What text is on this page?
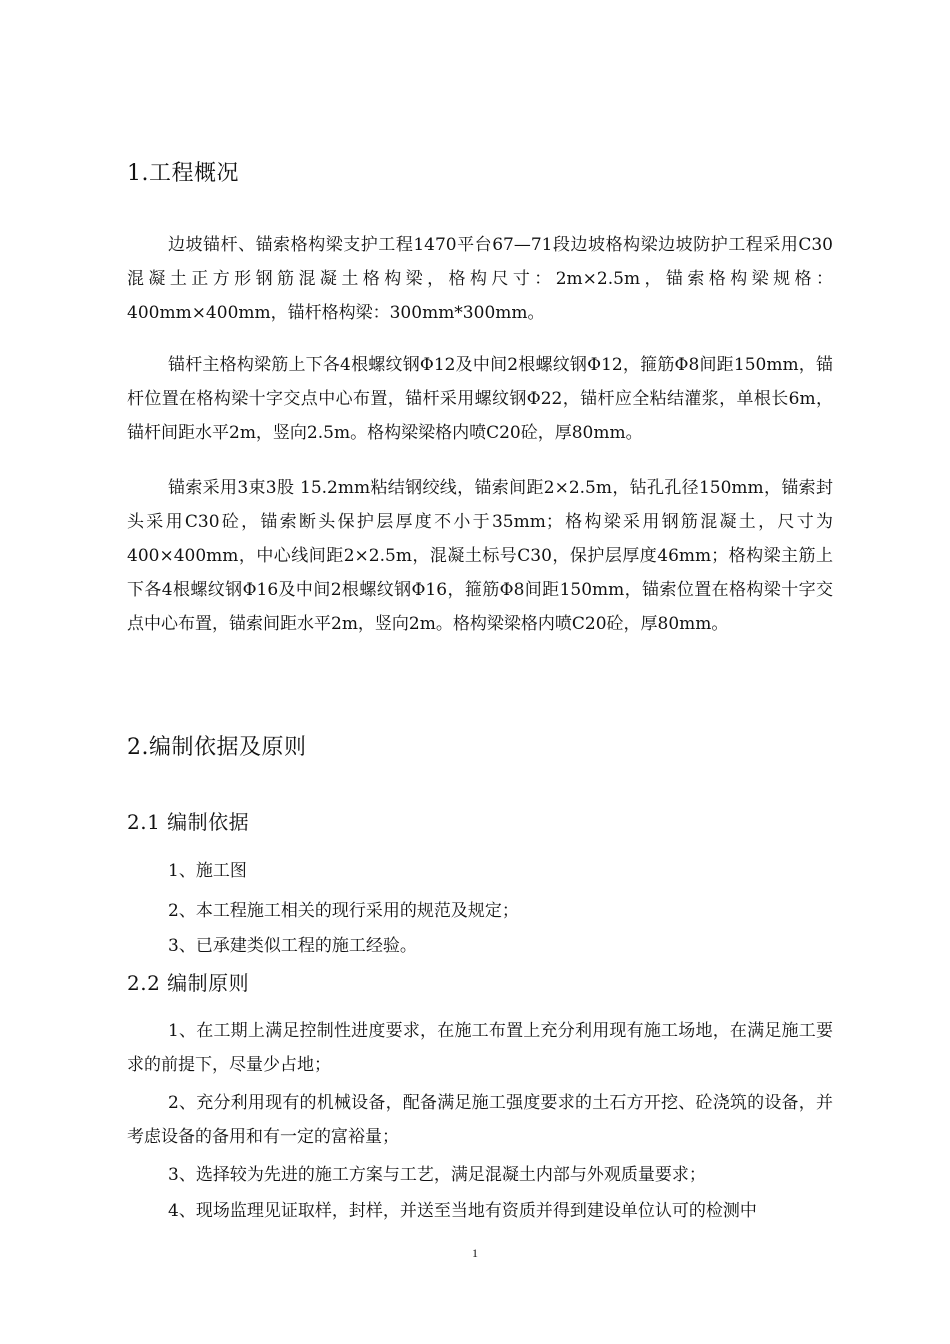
1.工程概况

边坡锚杆、锚索格构梁支护工程1470平台67—71段边坡格构梁边坡防护工程采用C30混凝土正方形钢筋混凝土格构梁，格构尺寸：2m×2.5m，锚索格构梁规格：400mm×400mm，锚杆格构梁：300mm*300mm。

锚杆主格构梁筋上下各4根螺纹钢Φ12及中间2根螺纹钢Φ12，箍筋Φ8间距150mm，锚杆位置在格构梁十字交点中心布置，锚杆采用螺纹钢Φ22，锚杆应全粘结灌浆，单根长6m，锚杆间距水平2m，竖向2.5m。格构梁梁格内喷C20砼，厚80mm。

锚索采用3束3股 15.2mm粘结钢绞线，锚索间距2×2.5m，钻孔孔径150mm，锚索封头采用C30砼，锚索断头保护层厚度不小于35mm；格构梁采用钢筋混凝土，尺寸为400×400mm，中心线间距2×2.5m，混凝土标号C30，保护层厚度46mm；格构梁主筋上下各4根螺纹钢Φ16及中间2根螺纹钢Φ16，箍筋Φ8间距150mm，锚索位置在格构梁十字交点中心布置，锚索间距水平2m，竖向2m。格构梁梁格内喷C20砼，厚80mm。

2.编制依据及原则
2.1 编制依据
1、施工图
2、本工程施工相关的现行采用的规范及规定；
3、已承建类似工程的施工经验。
2.2 编制原则

1、在工期上满足控制性进度要求，在施工布置上充分利用现有施工场地，在满足施工要求的前提下，尽量少占地；

2、充分利用现有的机械设备，配备满足施工强度要求的土石方开挖、砼浇筑的设备，并考虑设备的备用和有一定的富裕量；

3、选择较为先进的施工方案与工艺，满足混凝土内部与外观质量要求；

4、现场监理见证取样，封样，并送至当地有资质并得到建设单位认可的检测中

1
